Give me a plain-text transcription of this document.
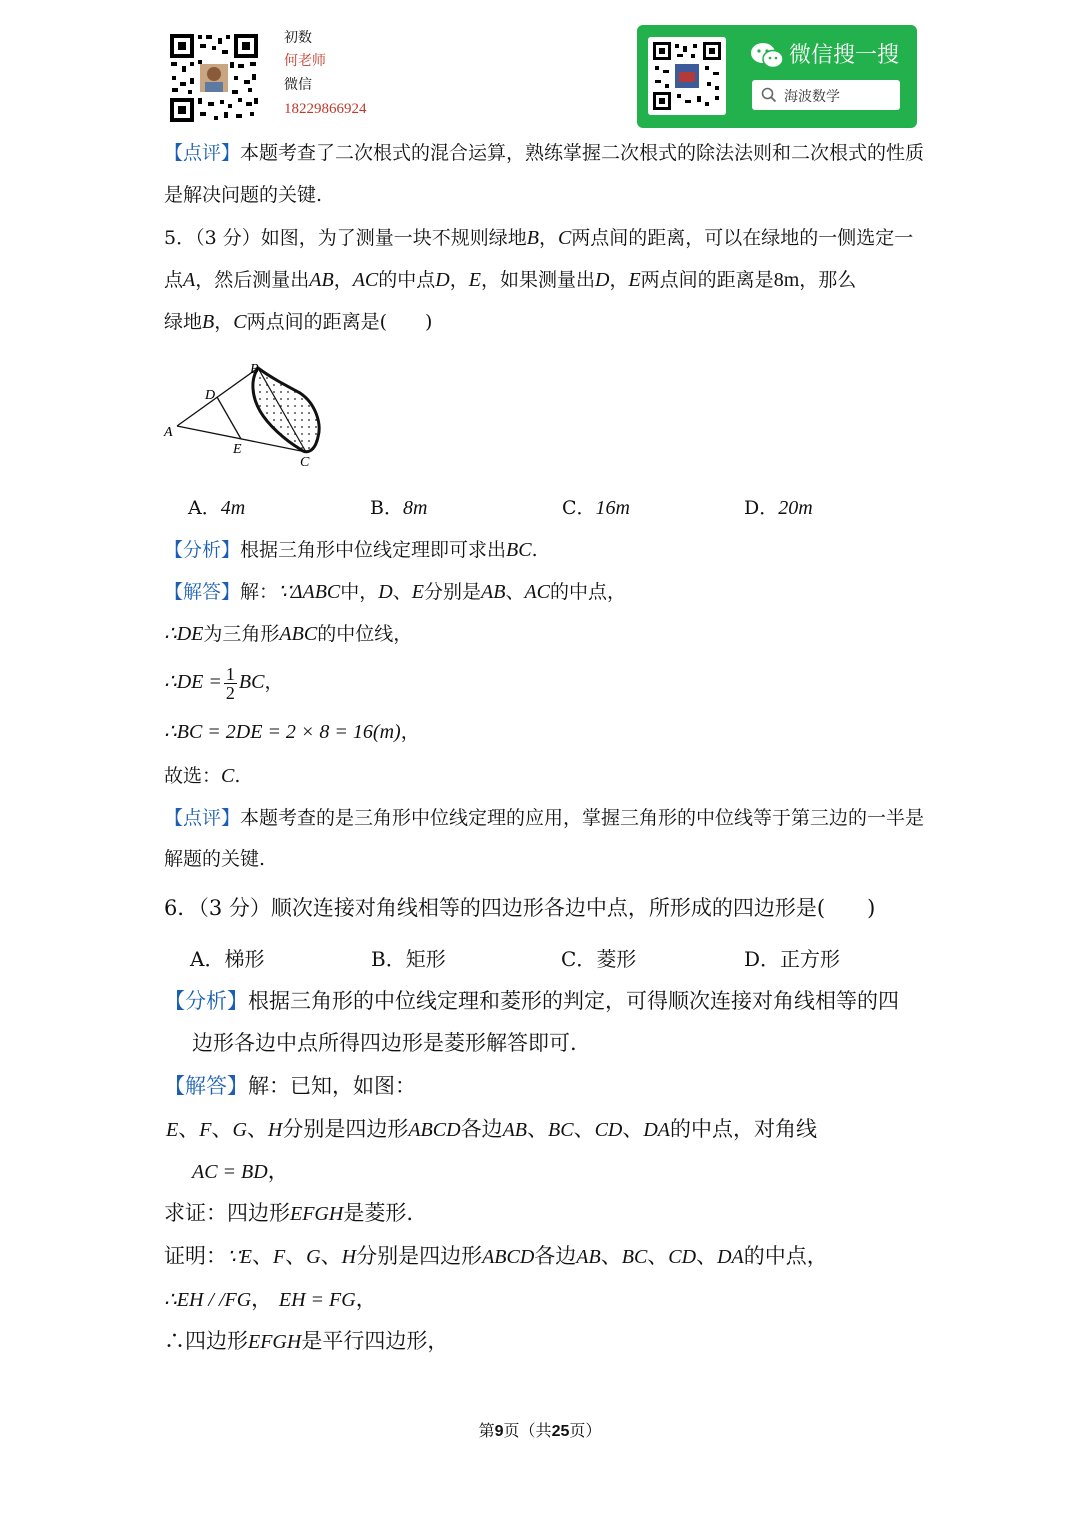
初数
何老师
微信
18229866924
微信搜一搜
海波数学
【点评】本题考查了二次根式的混合运算，熟练掌握二次根式的除法法则和二次根式的性质
是解决问题的关键.
5．（3 分）如图，为了测量一块不规则绿地B，C两点间的距离，可以在绿地的一侧选定一
点A，然后测量出AB，AC的中点D，E，如果测量出D，E两点间的距离是8m，那么
绿地B，C两点间的距离是(　　)
A
B
C
D
E
A．4m	B．8m	C．16m	D．20m
【分析】根据三角形中位线定理即可求出BC.
【解答】解：∵ΔABC中，D、E分别是AB、AC的中点，
∴DE为三角形ABC的中位线，
∴DE = $\frac{1}{2}$ BC，
∴BC = 2DE = 2 × 8 = 16(m)，
故选：C.
【点评】本题考查的是三角形中位线定理的应用，掌握三角形的中位线等于第三边的一半是
解题的关键.
6．（3 分）顺次连接对角线相等的四边形各边中点，所形成的四边形是(　　)
A．梯形	B．矩形	C．菱形	D．正方形
【分析】根据三角形的中位线定理和菱形的判定，可得顺次连接对角线相等的四
边形各边中点所得四边形是菱形解答即可.
【解答】解：已知，如图：
E、F、G、H分别是四边形ABCD各边AB、BC、CD、DA的中点，对角线
AC = BD，
求证：四边形EFGH是菱形.
证明：∵E、F、G、H分别是四边形ABCD各边AB、BC、CD、DA的中点，
∴EH / /FG， EH = FG，
∴四边形EFGH是平行四边形，
第9页（共25页）
